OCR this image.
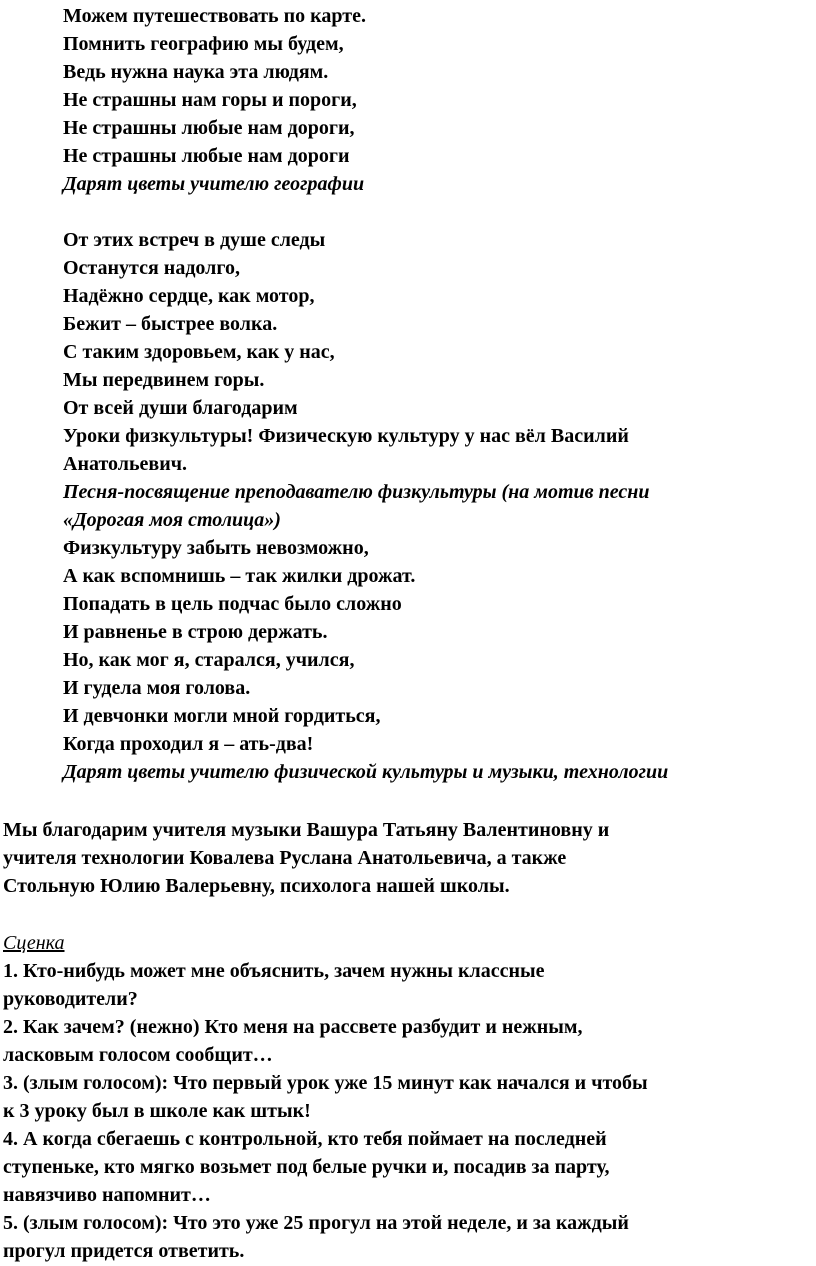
Можем путешествовать по карте.
Помнить географию мы будем,
Ведь нужна наука эта людям.
Не страшны нам горы и пороги,
Не страшны любые нам дороги,
Не страшны любые нам дороги
Дарят цветы учителю географии
От этих встреч в душе следы
Останутся надолго,
Надёжно сердце, как мотор,
Бежит – быстрее волка.
С таким здоровьем, как у нас,
Мы передвинем горы.
От всей души благодарим
Уроки физкультуры! Физическую культуру у нас вёл Василий
Анатольевич.
Песня-посвящение преподавателю физкультуры (на мотив песни
«Дорогая моя столица»)
Физкультуру забыть невозможно,
А как вспомнишь – так жилки дрожат.
Попадать в цель подчас было сложно
И равненье в строю держать.
Но, как мог я, старался, учился,
И гудела моя голова.
И девчонки могли мной гордиться,
Когда проходил я – ать-два!
Дарят цветы учителю физической культуры и музыки, технологии
Мы благодарим учителя музыки Вашура Татьяну Валентиновну и
учителя технологии Ковалева Руслана Анатольевича, а также
Стольную Юлию Валерьевну, психолога нашей школы.
Сценка
1. Кто-нибудь может мне объяснить, зачем нужны классные
руководители?
2. Как зачем? (нежно) Кто меня на рассвете разбудит и нежным,
ласковым голосом сообщит…
3. (злым голосом): Что первый урок уже 15 минут как начался и чтобы
к 3 уроку был в школе как штык!
4. А когда сбегаешь с контрольной, кто тебя поймает на последней
ступеньке, кто мягко возьмет под белые ручки и, посадив за парту,
навязчиво напомнит…
5. (злым голосом): Что это уже 25 прогул на этой неделе, и за каждый
прогул придется ответить.
